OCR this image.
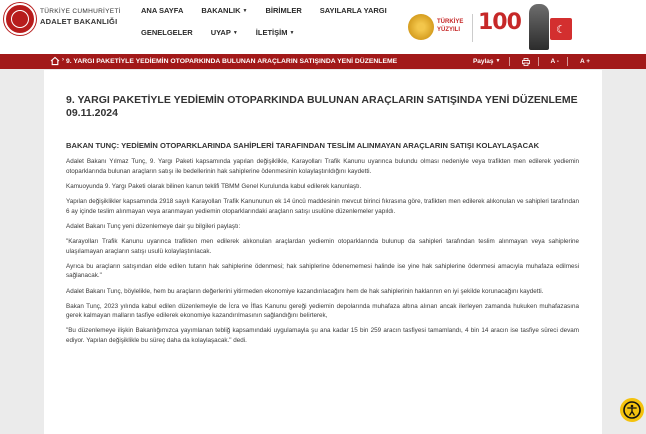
TÜRKİYE CUMHURİYETİ
ADALET BAKANLIĞI
ANA SAYFA BAKANLIK ▼ BİRİMLER SAYILARLA YARGI
GENELGELER UYAP ▼ İLETİŞİM ▼
TÜRKİYE
YÜZYILI 100	☾
› 9. YARGI PAKETİYLE YEDİEMİN OTOPARKINDA BULUNAN ARAÇLARIN SATIŞINDA YENİ DÜZENLEME	Paylaş ▼	A -	A +
9. YARGI PAKETİYLE YEDİEMİN OTOPARKINDA BULUNAN ARAÇLARIN SATIŞINDA YENİ DÜZENLEME
09.11.2024
BAKAN TUNÇ: YEDİEMİN OTOPARKLARINDA SAHİPLERİ TARAFINDAN TESLİM ALINMAYAN ARAÇLARIN SATIŞI KOLAYLAŞACAK

Adalet Bakanı Yılmaz Tunç, 9. Yargı Paketi kapsamında yapılan değişiklikle, Karayolları Trafik Kanunu uyarınca bulundu olması nedeniyle veya trafikten men edilerek yediemin otoparklarında bulunan araçların satışı ile bedellerinin hak sahiplerine ödenmesinin kolaylaştırıldığını kaydetti.

Kamuoyunda 9. Yargı Paketi olarak bilinen kanun teklifi TBMM Genel Kurulunda kabul edilerek kanunlaştı.

Yapılan değişiklikler kapsamında 2918 sayılı Karayolları Trafik Kanununun ek 14 üncü maddesinin mevcut birinci fıkrasına göre, trafikten men edilerek alıkonulan ve sahipleri tarafından 6 ay içinde teslim alınmayan veya aranmayan yediemin otoparklarındaki araçların satışı usulüne düzenlemeler yapıldı.

Adalet Bakanı Tunç yeni düzenlemeye dair şu bilgileri paylaştı:

"Karayolları Trafik Kanunu uyarınca trafikten men edilerek alıkonulan araçlardan yediemin otoparklarında bulunup da sahipleri tarafından teslim alınmayan veya sahiplerine ulaşılamayan araçların satışı usulü kolaylaştırılacak.

Ayrıca bu araçların satışından elde edilen tutarın hak sahiplerine ödenmesi; hak sahiplerine ödenememesi halinde ise yine hak sahiplerine ödenmesi amacıyla muhafaza edilmesi sağlanacak."

Adalet Bakanı Tunç, böylelikle, hem bu araçların değerlerini yitirmeden ekonomiye kazandırılacağını hem de hak sahiplerinin haklarının en iyi şekilde korunacağını kaydetti.

Bakan Tunç, 2023 yılında kabul edilen düzenlemeyle de İcra ve İflas Kanunu gereği yediemin depolarında muhafaza altına alınan ancak ilerleyen zamanda hukuken muhafazasına gerek kalmayan malların tasfiye edilerek ekonomiye kazandırılmasının sağlandığını belirterek,

"Bu düzenlemeye ilişkin Bakanlığımızca yayımlanan tebliğ kapsamındaki uygulamayla şu ana kadar 15 bin 259 aracın tasfiyesi tamamlandı, 4 bin 14 aracın ise tasfiye süreci devam ediyor. Yapılan değişiklikle bu süreç daha da kolaylaşacak." dedi.
